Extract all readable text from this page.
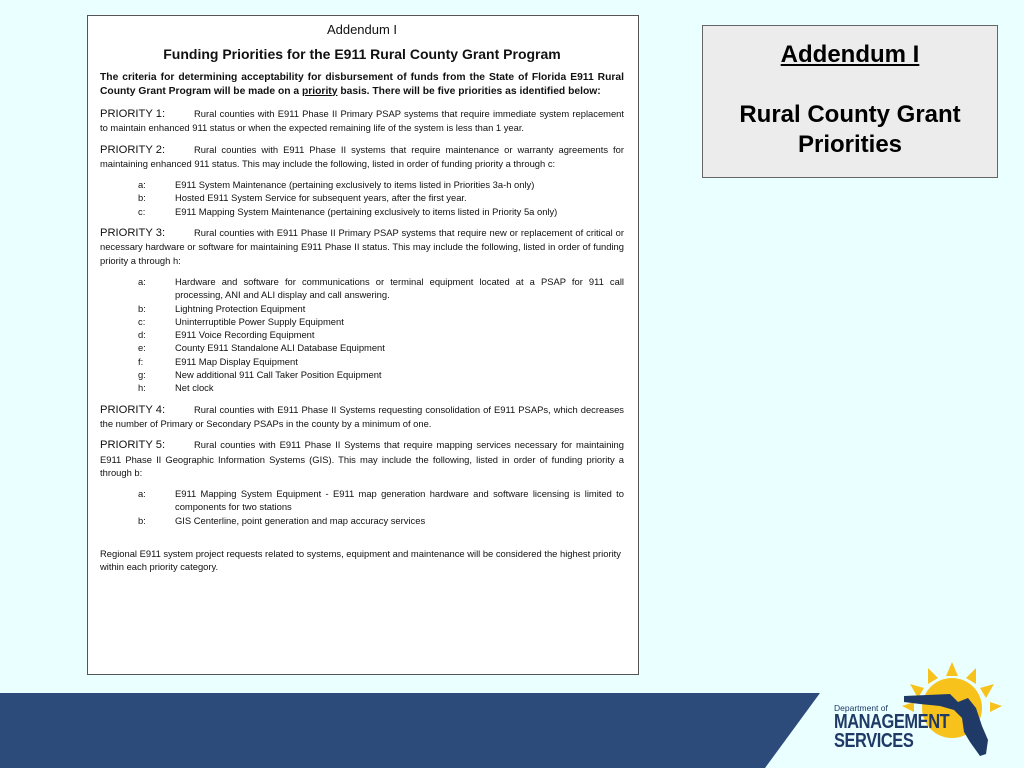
Addendum I
Funding Priorities for the E911 Rural County Grant Program
The criteria for determining acceptability for disbursement of funds from the State of Florida E911 Rural County Grant Program will be made on a priority basis. There will be five priorities as identified below:
PRIORITY 1:	Rural counties with E911 Phase II Primary PSAP systems that require immediate system replacement to maintain enhanced 911 status or when the expected remaining life of the system is less than 1 year.
PRIORITY 2:	Rural counties with E911 Phase II systems that require maintenance or warranty agreements for maintaining enhanced 911 status. This may include the following, listed in order of funding priority a through c:
a:	E911 System Maintenance (pertaining exclusively to items listed in Priorities 3a-h only)
b:	Hosted E911 System Service for subsequent years, after the first year.
c:	E911 Mapping System Maintenance (pertaining exclusively to items listed in Priority 5a only)
PRIORITY 3:	Rural counties with E911 Phase II Primary PSAP systems that require new or replacement of critical or necessary hardware or software for maintaining E911 Phase II status. This may include the following, listed in order of funding priority a through h:
a:	Hardware and software for communications or terminal equipment located at a PSAP for 911 call processing, ANI and ALI display and call answering.
b:	Lightning Protection Equipment
c:	Uninterruptible Power Supply Equipment
d:	E911 Voice Recording Equipment
e:	County E911 Standalone ALI Database Equipment
f:	E911 Map Display Equipment
g:	New additional 911 Call Taker Position Equipment
h:	Net clock
PRIORITY 4:	Rural counties with E911 Phase II Systems requesting consolidation of E911 PSAPs, which decreases the number of Primary or Secondary PSAPs in the county by a minimum of one.
PRIORITY 5:	Rural counties with E911 Phase II Systems that require mapping services necessary for maintaining E911 Phase II Geographic Information Systems (GIS). This may include the following, listed in order of funding priority a through b:
a:	E911 Mapping System Equipment - E911 map generation hardware and software licensing is limited to components for two stations
b:	GIS Centerline, point generation and map accuracy services
Regional E911 system project requests related to systems, equipment and maintenance will be considered the highest priority within each priority category.
Addendum I
Rural County Grant Priorities
Department of
MANAGEMENT
SERVICES
